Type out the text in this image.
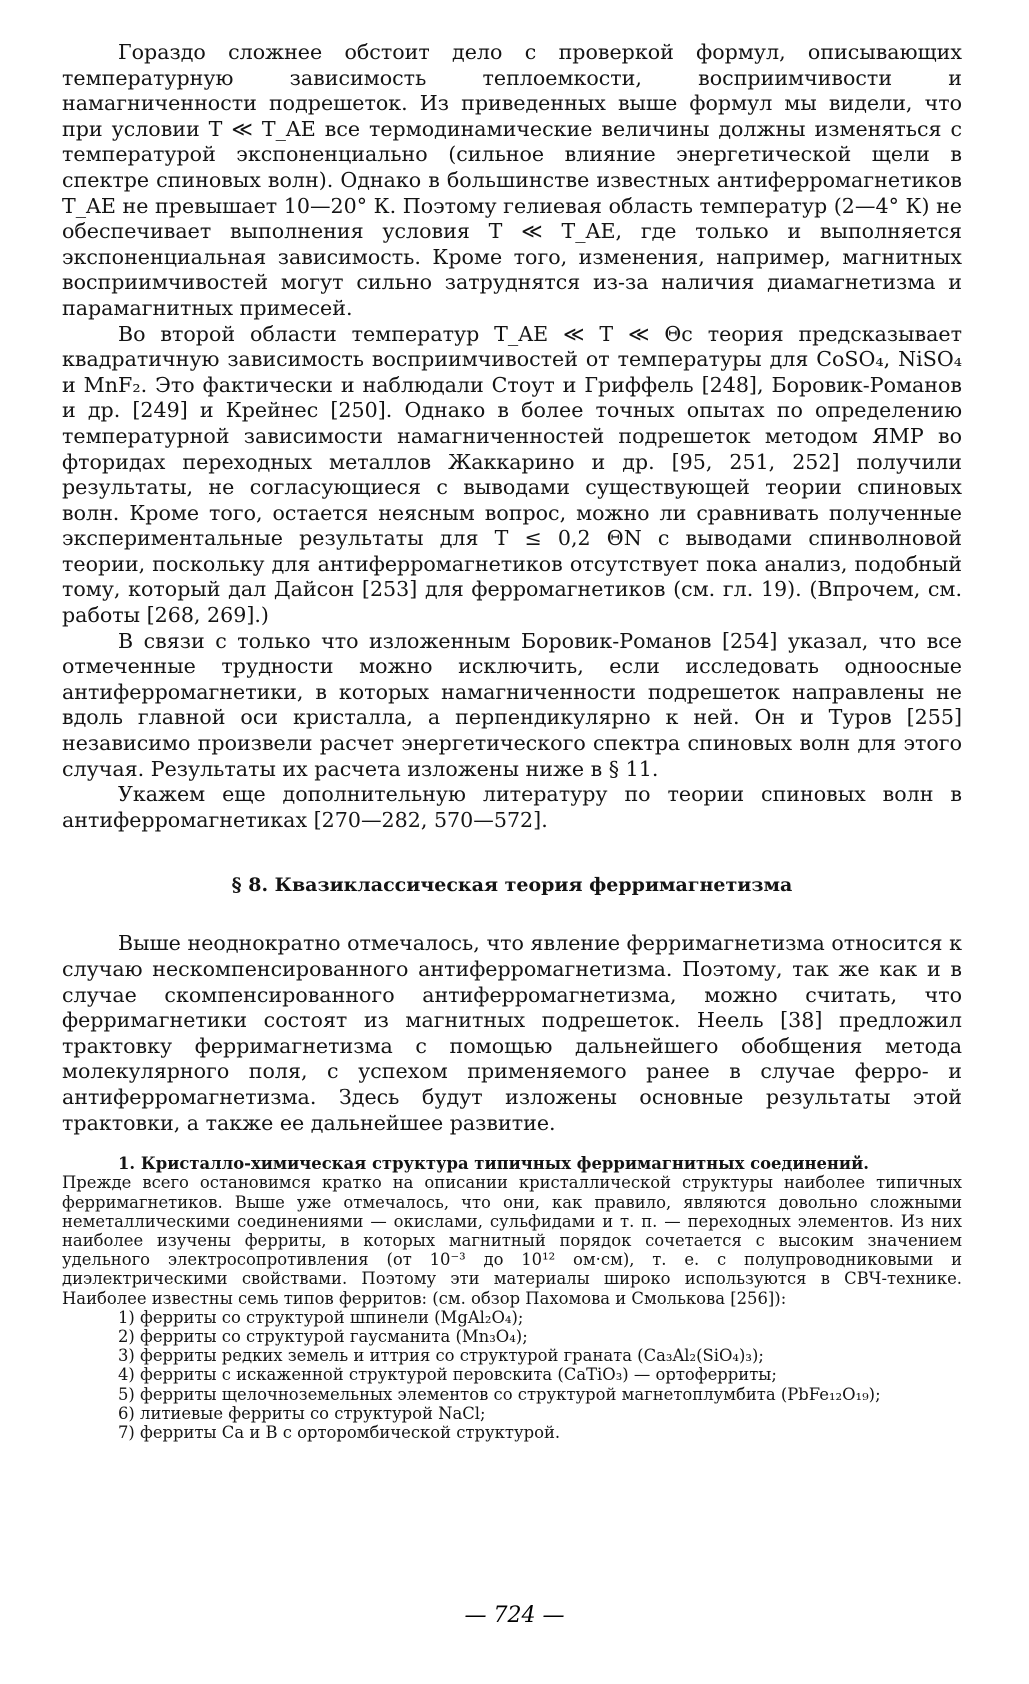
Гораздо сложнее обстоит дело с проверкой формул, описывающих температурную зависимость теплоемкости, восприимчивости и намагниченности подрешеток. Из приведенных выше формул мы видели, что при условии T ≪ T_AE все термодинамические величины должны изменяться с температурой экспоненциально (сильное влияние энергетической щели в спектре спиновых волн). Однако в большинстве известных антиферромагнетиков T_AE не превышает 10—20° К. Поэтому гелиевая область температур (2—4° К) не обеспечивает выполнения условия T ≪ T_AE, где только и выполняется экспоненциальная зависимость. Кроме того, изменения, например, магнитных восприимчивостей могут сильно затруднятся из-за наличия диамагнетизма и парамагнитных примесей.

Во второй области температур T_AE ≪ T ≪ Θc теория предсказывает квадратичную зависимость восприимчивостей от температуры для CoSO₄, NiSO₄ и MnF₂. Это фактически и наблюдали Стоут и Гриффель [248], Боровик-Романов и др. [249] и Крейнес [250]. Однако в более точных опытах по определению температурной зависимости намагниченностей подрешеток методом ЯМР во фторидах переходных металлов Жаккарино и др. [95, 251, 252] получили результаты, не согласующиеся с выводами существующей теории спиновых волн. Кроме того, остается неясным вопрос, можно ли сравнивать полученные экспериментальные результаты для T ≤ 0,2 ΘN с выводами спинволновой теории, поскольку для антиферромагнетиков отсутствует пока анализ, подобный тому, который дал Дайсон [253] для ферромагнетиков (см. гл. 19). (Впрочем, см. работы [268, 269].)

В связи с только что изложенным Боровик-Романов [254] указал, что все отмеченные трудности можно исключить, если исследовать одноосные антиферромагнетики, в которых намагниченности подрешеток направлены не вдоль главной оси кристалла, а перпендикулярно к ней. Он и Туров [255] независимо произвели расчет энергетического спектра спиновых волн для этого случая. Результаты их расчета изложены ниже в § 11.

Укажем еще дополнительную литературу по теории спиновых волн в антиферромагнетиках [270—282, 570—572].

§ 8. Квазиклассическая теория ферримагнетизма

Выше неоднократно отмечалось, что явление ферримагнетизма относится к случаю нескомпенсированного антиферромагнетизма. Поэтому, так же как и в случае скомпенсированного антиферромагнетизма, можно считать, что ферримагнетики состоят из магнитных подрешеток. Неель [38] предложил трактовку ферримагнетизма с помощью дальнейшего обобщения метода молекулярного поля, с успехом применяемого ранее в случае ферро- и антиферромагнетизма. Здесь будут изложены основные результаты этой трактовки, а также ее дальнейшее развитие.

1. Кристалло-химическая структура типичных ферримагнитных соединений.

Прежде всего остановимся кратко на описании кристаллической структуры наиболее типичных ферримагнетиков. Выше уже отмечалось, что они, как правило, являются довольно сложными неметаллическими соединениями — окислами, сульфидами и т. п. — переходных элементов. Из них наиболее изучены ферриты, в которых магнитный порядок сочетается с высоким значением удельного электросопротивления (от 10⁻³ до 10¹² ом·см), т. е. с полупроводниковыми и диэлектрическими свойствами. Поэтому эти материалы широко используются в СВЧ-технике. Наиболее известны семь типов ферритов: (см. обзор Пахомова и Смолькова [256]):

1) ферриты со структурой шпинели (MgAl₂O₄);
2) ферриты со структурой гаусманита (Mn₃O₄);
3) ферриты редких земель и иттрия со структурой граната (Ca₃Al₂(SiO₄)₃);
4) ферриты с искаженной структурой перовскита (CaTiO₃) — ортоферриты;
5) ферриты щелочноземельных элементов со структурой магнетоплумбита (PbFe₁₂O₁₉);
6) литиевые ферриты со структурой NaCl;
7) ферриты Ca и B с орторомбической структурой.
— 724 —
